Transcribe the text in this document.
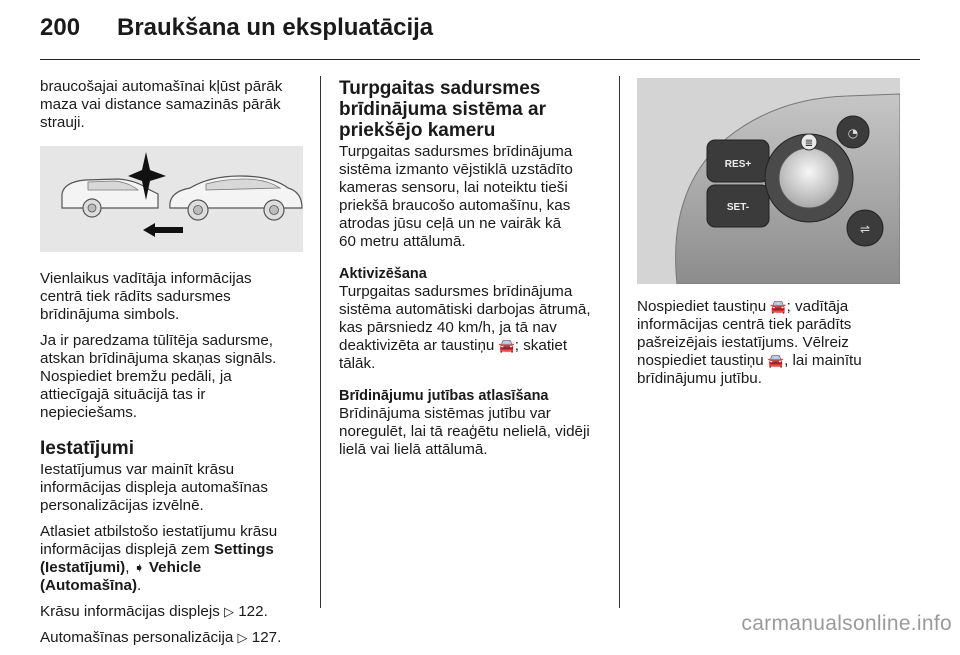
200 Braukšana un ekspluatācija

braucošajai automašīnai kļūst pārāk
maza vai distance samazinās pārāk
strauji.

Vienlaikus vadītāja informācijas
centrā tiek rādīts sadursmes
brīdinājuma simbols.

Ja ir paredzama tūlītēja sadursme,
atskan brīdinājuma skaņas signāls.
Nospiediet bremžu pedāli, ja
attiecīgajā situācijā tas ir
nepieciešams.

Iestatījumi

Iestatījumus var mainīt krāsu
informācijas displeja automašīnas
personalizācijas izvēlnē.

Atlasiet atbilstošo iestatījumu krāsu
informācijas displejā zem Settings
(Iestatījumi), ➧ Vehicle (Automašīna).

Krāsu informācijas displejs ▷ 122.

Automašīnas personalizācija ▷ 127.

Turpgaitas sadursmes
brīdinājuma sistēma ar
priekšējo kameru

Turpgaitas sadursmes brīdinājuma
sistēma izmanto vējstiklā uzstādīto
kameras sensoru, lai noteiktu tieši
priekšā braucošo automašīnu, kas
atrodas jūsu ceļā un ne vairāk kā
60 metru attālumā.

Aktivizēšana

Turpgaitas sadursmes brīdinājuma
sistēma automātiski darbojas ātrumā,
kas pārsniedz 40 km/h, ja tā nav
deaktivizēta ar taustiņu 🚘; skatiet
tālāk.

Brīdinājumu jutības atlasīšana

Brīdinājuma sistēmas jutību var
noregulēt, lai tā reaģētu nelielā, vidēji
lielā vai lielā attālumā.

RES+
SET-
≣
◔
⇌

Nospiediet taustiņu 🚘; vadītāja
informācijas centrā tiek parādīts
pašreizējais iestatījums. Vēlreiz
nospiediet taustiņu 🚘, lai mainītu
brīdinājumu jutību.

carmanualsonline.info
